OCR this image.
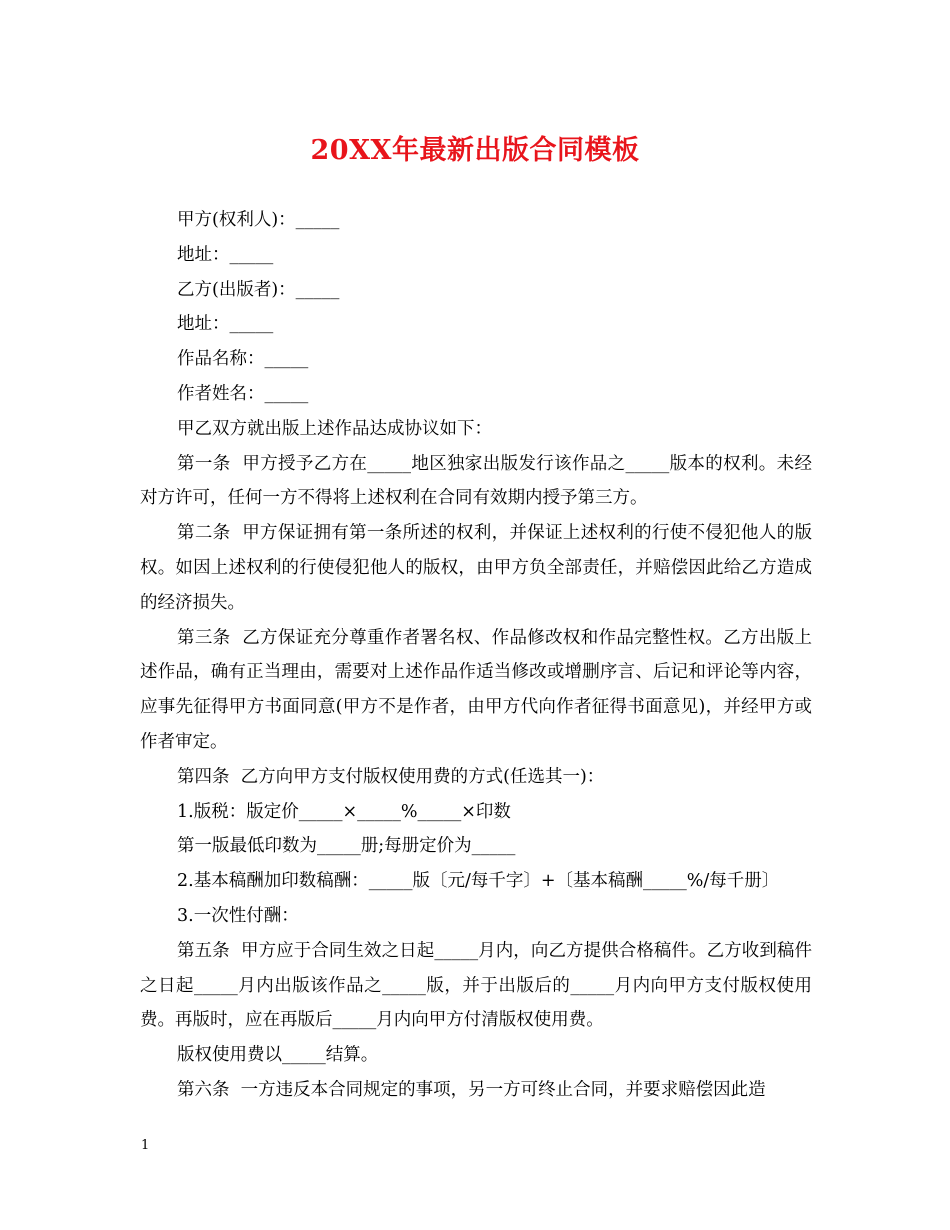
20XX年最新出版合同模板

甲方(权利人)：_____

地址：_____

乙方(出版者)：_____

地址：_____

作品名称：_____

作者姓名：_____

甲乙双方就出版上述作品达成协议如下：

第一条  甲方授予乙方在_____地区独家出版发行该作品之_____版本的权利。未经对方许可，任何一方不得将上述权利在合同有效期内授予第三方。

第二条  甲方保证拥有第一条所述的权利，并保证上述权利的行使不侵犯他人的版权。如因上述权利的行使侵犯他人的版权，由甲方负全部责任，并赔偿因此给乙方造成的经济损失。

第三条  乙方保证充分尊重作者署名权、作品修改权和作品完整性权。乙方出版上述作品，确有正当理由，需要对上述作品作适当修改或增删序言、后记和评论等内容，应事先征得甲方书面同意(甲方不是作者，由甲方代向作者征得书面意见)，并经甲方或作者审定。

第四条  乙方向甲方支付版权使用费的方式(任选其一)：

1.版税：版定价_____×_____%_____×印数

第一版最低印数为_____册;每册定价为_____

2.基本稿酬加印数稿酬：_____版〔元/每千字〕+〔基本稿酬_____%/每千册〕

3.一次性付酬：

第五条  甲方应于合同生效之日起_____月内，向乙方提供合格稿件。乙方收到稿件之日起_____月内出版该作品之_____版，并于出版后的_____月内向甲方支付版权使用费。再版时，应在再版后_____月内向甲方付清版权使用费。

版权使用费以_____结算。

第六条  一方违反本合同规定的事项，另一方可终止合同，并要求赔偿因此造

1
